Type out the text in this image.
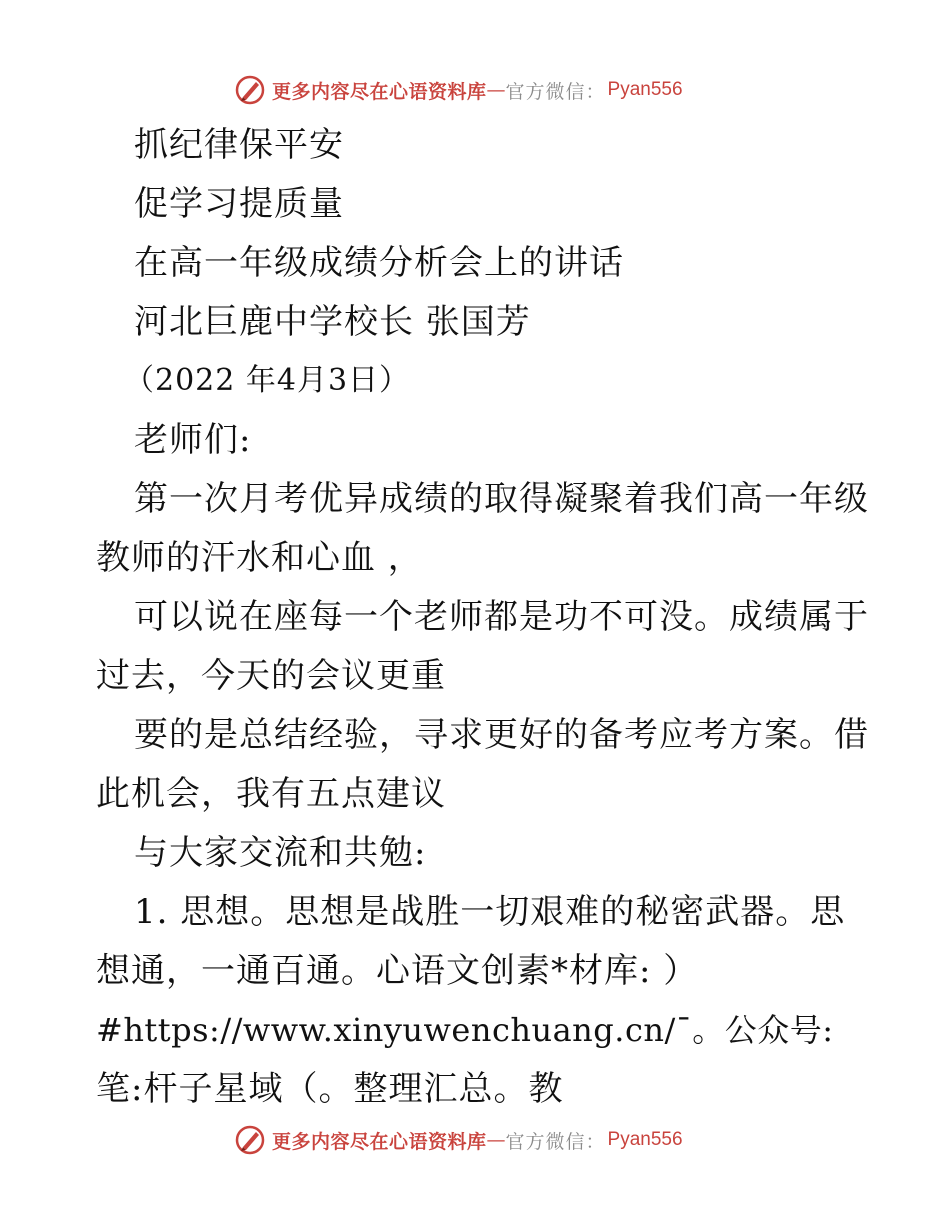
更多内容尽在心语资料库 — 官方微信： Pyan556
抓纪律保平安
促学习提质量
在高一年级成绩分析会上的讲话
河北巨鹿中学校长 张国芳
（2022 年4月3日）
老师们:
第一次月考优异成绩的取得凝聚着我们高一年级
教师的汗水和心血 ，
可以说在座每一个老师都是功不可没。成绩属于
过去，今天的会议更重
要的是总结经验，寻求更好的备考应考方案。借
此机会，我有五点建议
与大家交流和共勉:
1. 思想。思想是战胜一切艰难的秘密武器。思
想通，一通百通。心语文创素*材库: ）
#https://www.xinyuwenchuang.cn/¯。公众号:
笔:杆子星域（。整理汇总。教
更多内容尽在心语资料库 — 官方微信： Pyan556
